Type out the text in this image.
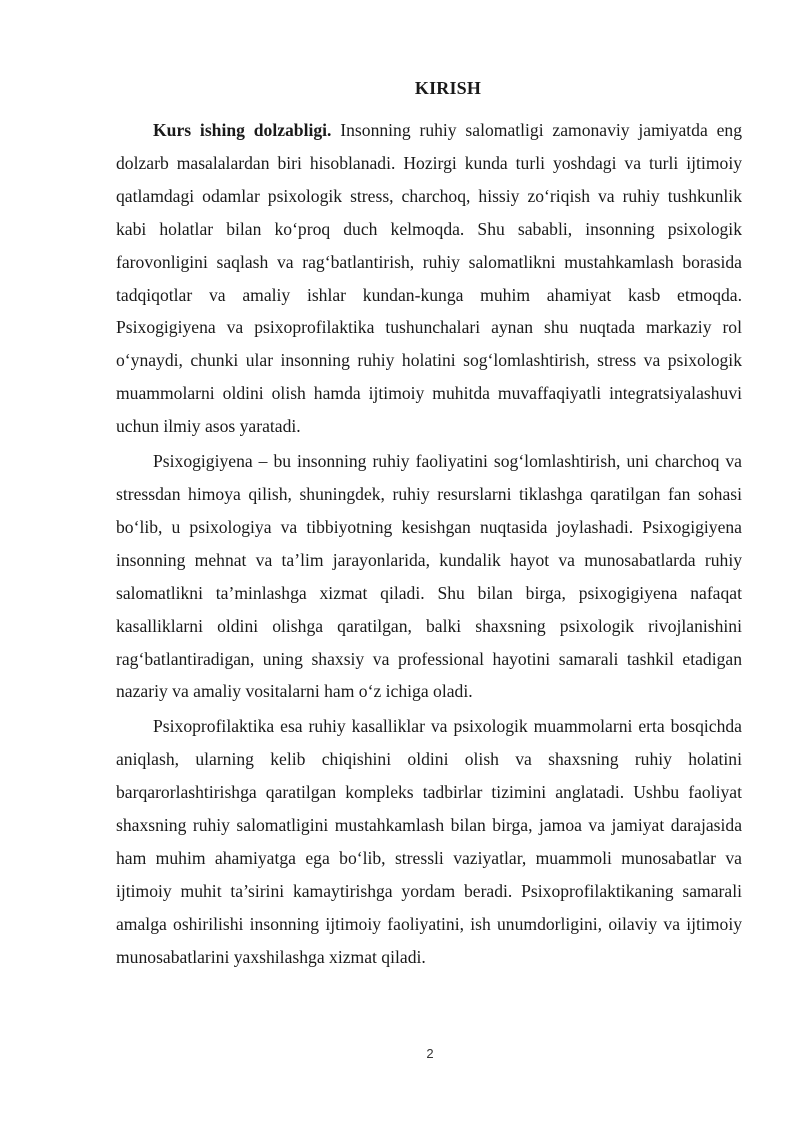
KIRISH

Kurs ishing dolzabligi. Insonning ruhiy salomatligi zamonaviy jamiyatda eng dolzarb masalalardan biri hisoblanadi. Hozirgi kunda turli yoshdagi va turli ijtimoiy qatlamdagi odamlar psixologik stress, charchoq, hissiy zo‘riqish va ruhiy tushkunlik kabi holatlar bilan ko‘proq duch kelmoqda. Shu sababli, insonning psixologik farovonligini saqlash va rag‘batlantirish, ruhiy salomatlikni mustahkamlash borasida tadqiqotlar va amaliy ishlar kundan-kunga muhim ahamiyat kasb etmoqda. Psixogigiyena va psixoprofilaktika tushunchalari aynan shu nuqtada markaziy rol o‘ynaydi, chunki ular insonning ruhiy holatini sog‘lomlashtirish, stress va psixologik muammolarni oldini olish hamda ijtimoiy muhitda muvaffaqiyatli integratsiyalashuvi uchun ilmiy asos yaratadi.

Psixogigiyena – bu insonning ruhiy faoliyatini sog‘lomlashtirish, uni charchoq va stressdan himoya qilish, shuningdek, ruhiy resurslarni tiklashga qaratilgan fan sohasi bo‘lib, u psixologiya va tibbiyotning kesishgan nuqtasida joylashadi. Psixogigiyena insonning mehnat va ta’lim jarayonlarida, kundalik hayot va munosabatlarda ruhiy salomatlikni ta’minlashga xizmat qiladi. Shu bilan birga, psixogigiyena nafaqat kasalliklarni oldini olishga qaratilgan, balki shaxsning psixologik rivojlanishini rag‘batlantiradigan, uning shaxsiy va professional hayotini samarali tashkil etadigan nazariy va amaliy vositalarni ham o‘z ichiga oladi.

Psixoprofilaktika esa ruhiy kasalliklar va psixologik muammolarni erta bosqichda aniqlash, ularning kelib chiqishini oldini olish va shaxsning ruhiy holatini barqarorlashtirishga qaratilgan kompleks tadbirlar tizimini anglatadi. Ushbu faoliyat shaxsning ruhiy salomatligini mustahkamlash bilan birga, jamoa va jamiyat darajasida ham muhim ahamiyatga ega bo‘lib, stressli vaziyatlar, muammoli munosabatlar va ijtimoiy muhit ta’sirini kamaytirishga yordam beradi. Psixoprofilaktikaning samarali amalga oshirilishi insonning ijtimoiy faoliyatini, ish unumdorligini, oilaviy va ijtimoiy munosabatlarini yaxshilashga xizmat qiladi.

2
